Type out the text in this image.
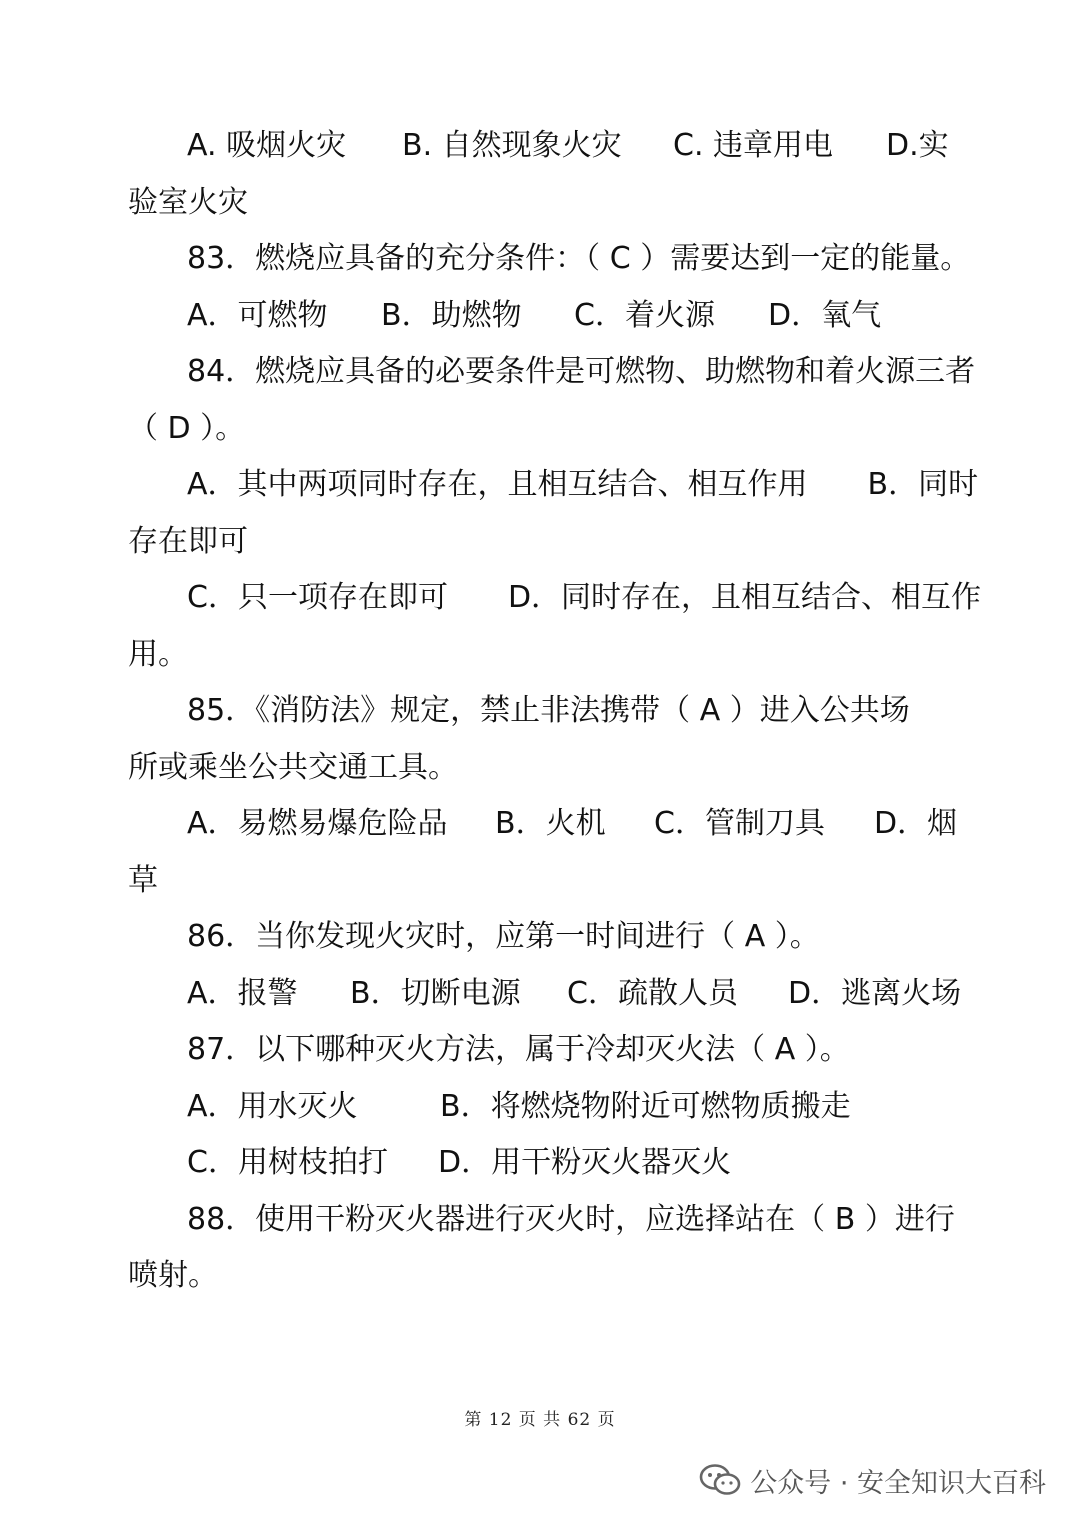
A. 吸烟火灾 B. 自然现象火灾 C. 违章用电 D.实
验室火灾
83．燃烧应具备的充分条件：（ C ）需要达到一定的能量。
A．可燃物 B．助燃物 C．着火源 D．氧气
84．燃烧应具备的必要条件是可燃物、助燃物和着火源三者
（ D ）。
A．其中两项同时存在，且相互结合、相互作用　　B．同时
存在即可
C．只一项存在即可　　D．同时存在，且相互结合、相互作
用。
85．《消防法》规定，禁止非法携带（ A ）进入公共场
所或乘坐公共交通工具。
A．易燃易爆危险品 B．火机 C．管制刀具 D．烟
草
86．当你发现火灾时，应第一时间进行（ A ）。
A．报警 B．切断电源 C．疏散人员 D．逃离火场
87．以下哪种灭火方法，属于冷却灭火法（ A ）。
A．用水灭火	B．将燃烧物附近可燃物质搬走
C．用树枝拍打 D．用干粉灭火器灭火
88．使用干粉灭火器进行灭火时，应选择站在（ B ）进行
喷射。
第 12 页 共 62 页
公众号 · 安全知识大百科
